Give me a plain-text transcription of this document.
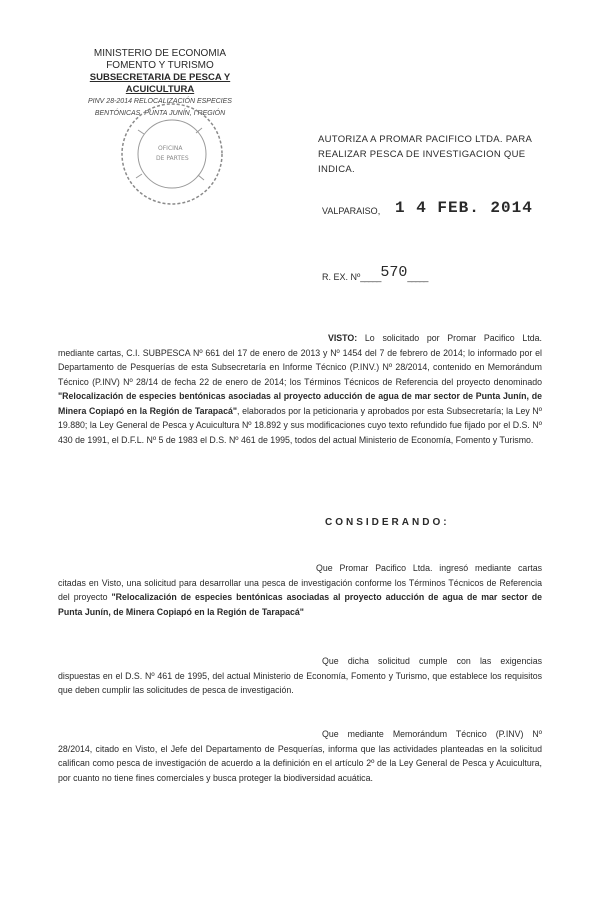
MINISTERIO DE ECONOMIA
FOMENTO Y TURISMO
SUBSECRETARIA DE PESCA Y ACUICULTURA
PINV 28-2014 RELOCALIZACIÓN ESPECIES
BENTÓNICAS, PUNTA JUNÍN, I REGIÓN
OFICINA
DE PARTES
AUTORIZA A PROMAR PACIFICO LTDA. PARA
REALIZAR PESCA DE INVESTIGACION QUE INDICA.
VALPARAISO, 1 4 FEB. 2014
R. EX. Nº_____570_____
VISTO: Lo solicitado por Promar Pacifico Ltda. mediante cartas, C.I. SUBPESCA Nº 661 del 17 de enero de 2013 y Nº 1454 del 7 de febrero de 2014; lo informado por el Departamento de Pesquerías de esta Subsecretaría en Informe Técnico (P.INV.) Nº 28/2014, contenido en Memorándum Técnico (P.INV) Nº 28/14 de fecha 22 de enero de 2014; los Términos Técnicos de Referencia del proyecto denominado "Relocalización de especies bentónicas asociadas al proyecto aducción de agua de mar sector de Punta Junín, de Minera Copiapó en la Región de Tarapacá", elaborados por la peticionaria y aprobados por esta Subsecretaría; la Ley Nº 19.880; la Ley General de Pesca y Acuicultura Nº 18.892 y sus modificaciones cuyo texto refundido fue fijado por el D.S. Nº 430 de 1991, el D.F.L. Nº 5 de 1983 el D.S. Nº 461 de 1995, todos del actual Ministerio de Economía, Fomento y Turismo.
CONSIDERANDO:
Que Promar Pacifico Ltda. ingresó mediante cartas citadas en Visto, una solicitud para desarrollar una pesca de investigación conforme los Términos Técnicos de Referencia del proyecto "Relocalización de especies bentónicas asociadas al proyecto aducción de agua de mar sector de Punta Junín, de Minera Copiapó en la Región de Tarapacá"
Que dicha solicitud cumple con las exigencias dispuestas en el D.S. Nº 461 de 1995, del actual Ministerio de Economía, Fomento y Turismo, que establece los requisitos que deben cumplir las solicitudes de pesca de investigación.
Que mediante Memorándum Técnico (P.INV) Nº 28/2014, citado en Visto, el Jefe del Departamento de Pesquerías, informa que las actividades planteadas en la solicitud califican como pesca de investigación de acuerdo a la definición en el artículo 2º de la Ley General de Pesca y Acuicultura, por cuanto no tiene fines comerciales y busca proteger la biodiversidad acuática.
